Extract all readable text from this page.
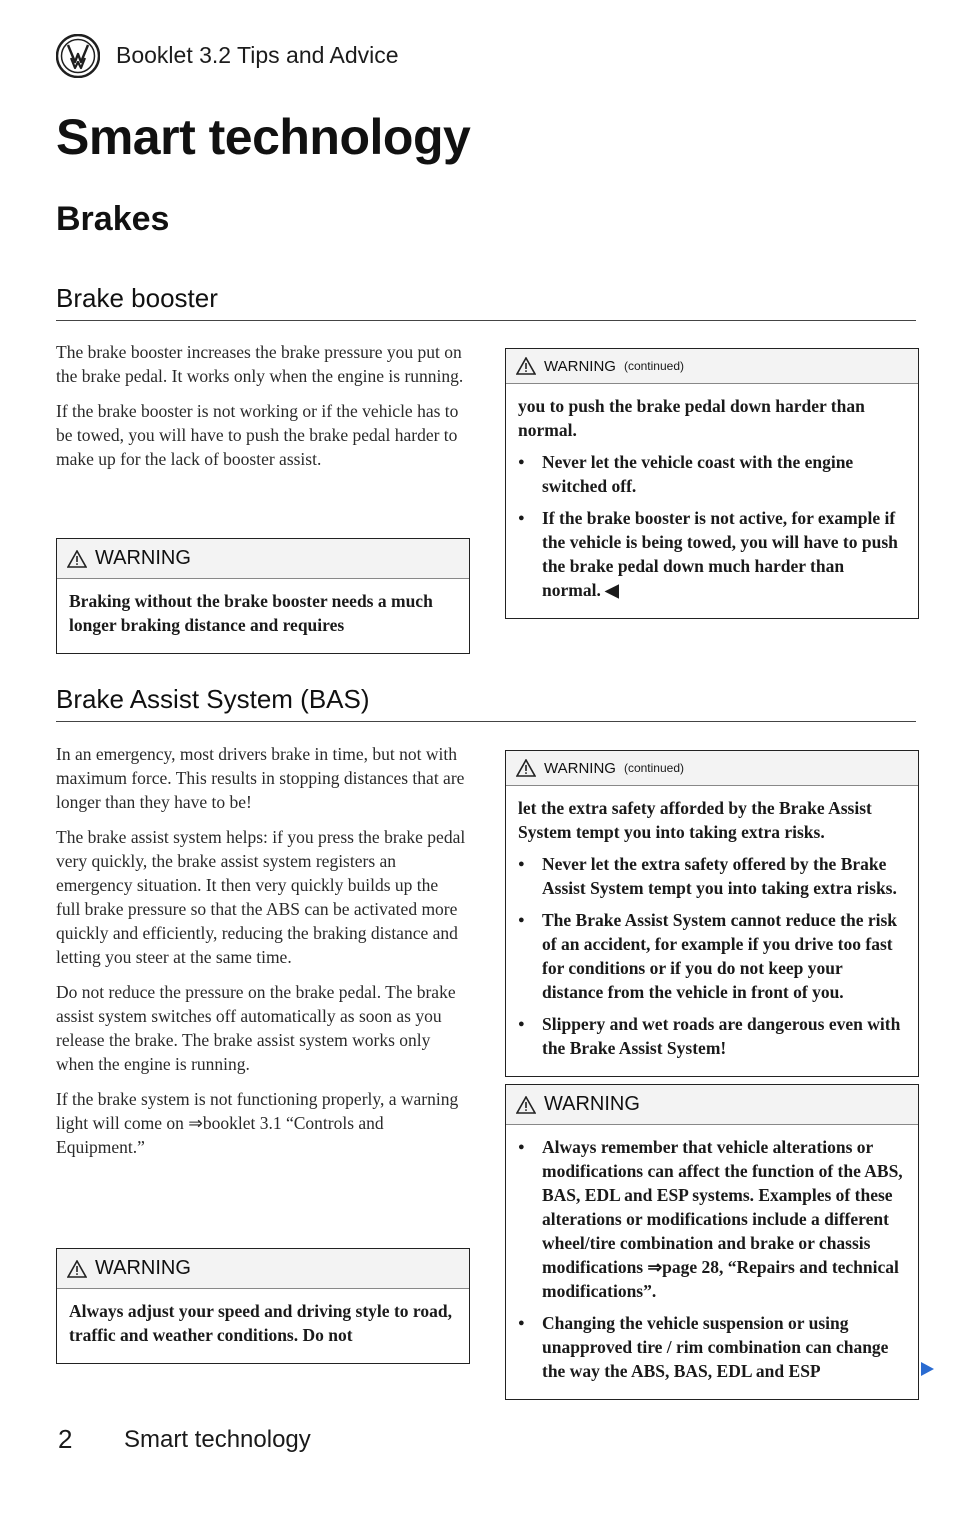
Booklet 3.2 Tips and Advice
Smart technology
Brakes
Brake booster

The brake booster increases the brake pressure you put on the brake pedal. It works only when the engine is running.

If the brake booster is not working or if the vehicle has to be towed, you will have to push the brake pedal harder to make up for the lack of booster assist.

WARNING

Braking without the brake booster needs a much longer braking distance and requires

WARNING (continued)

you to push the brake pedal down harder than normal.

● Never let the vehicle coast with the engine switched off.

● If the brake booster is not active, for example if the vehicle is being towed, you will have to push the brake pedal down much harder than normal. ◀

Brake Assist System (BAS)

In an emergency, most drivers brake in time, but not with maximum force. This results in stopping distances that are longer than they have to be!

The brake assist system helps: if you press the brake pedal very quickly, the brake assist system registers an emergency situation. It then very quickly builds up the full brake pressure so that the ABS can be activated more quickly and efficiently, reducing the braking distance and letting you steer at the same time.

Do not reduce the pressure on the brake pedal. The brake assist system switches off automatically as soon as you release the brake. The brake assist system works only when the engine is running.

If the brake system is not functioning properly, a warning light will come on ⇒booklet 3.1 “Controls and Equipment.”

WARNING

Always adjust your speed and driving style to road, traffic and weather conditions. Do not

WARNING (continued)

let the extra safety afforded by the Brake Assist System tempt you into taking extra risks.

● Never let the extra safety offered by the Brake Assist System tempt you into taking extra risks.

● The Brake Assist System cannot reduce the risk of an accident, for example if you drive too fast for conditions or if you do not keep your distance from the vehicle in front of you.

● Slippery and wet roads are dangerous even with the Brake Assist System!

WARNING

● Always remember that vehicle alterations or modifications can affect the function of the ABS, BAS, EDL and ESP systems. Examples of these alterations or modifications include a different wheel/tire combination and brake or chassis modifications ⇒page 28, “Repairs and technical modifications”.

● Changing the vehicle suspension or using unapproved tire / rim combination can change the way the ABS, BAS, EDL and ESP

2 Smart technology
